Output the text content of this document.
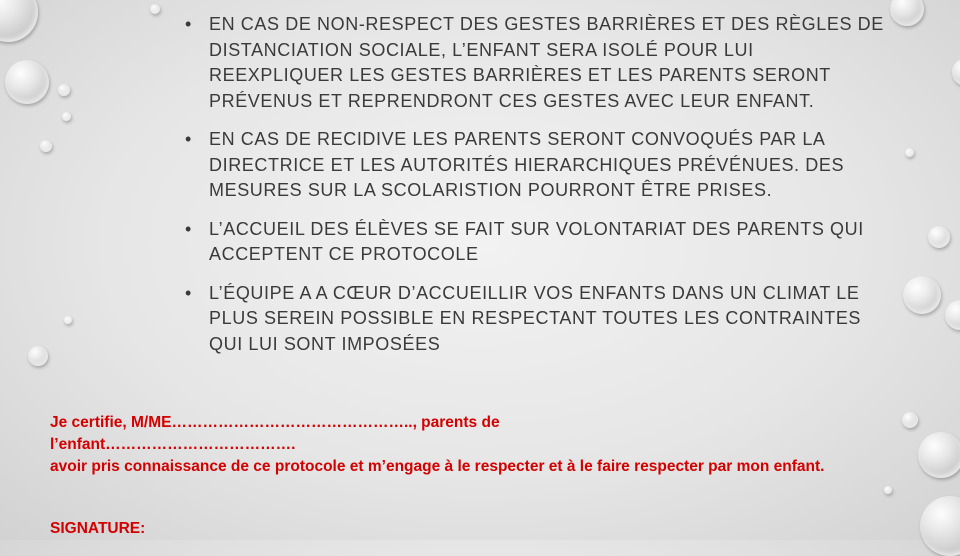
• EN CAS DE NON-RESPECT DES GESTES BARRIÈRES ET DES RÈGLES DE DISTANCIATION SOCIALE, L’ENFANT SERA ISOLÉ POUR LUI REEXPLIQUER LES GESTES BARRIÈRES ET LES PARENTS SERONT PRÉVENUS ET REPRENDRONT CES GESTES AVEC LEUR ENFANT.
• EN CAS DE RECIDIVE LES PARENTS SERONT CONVOQUÉS PAR LA DIRECTRICE ET LES AUTORITÉS HIERARCHIQUES PRÉVÉNUES. DES MESURES SUR LA SCOLARISTION POURRONT ÊTRE PRISES.
• L’ACCUEIL DES ÉLÈVES SE FAIT SUR VOLONTARIAT DES PARENTS QUI ACCEPTENT CE PROTOCOLE
• L’ÉQUIPE A A CŒUR D’ACCUEILLIR VOS ENFANTS DANS UN CLIMAT LE PLUS SEREIN POSSIBLE EN RESPECTANT TOUTES LES CONTRAINTES QUI LUI SONT IMPOSÉES

Je certifie, M/ME……………………………………….., parents de
l’enfant……………………………….
avoir pris connaissance de ce protocole et m’engage à le respecter et à le faire respecter par mon enfant.

SIGNATURE:
